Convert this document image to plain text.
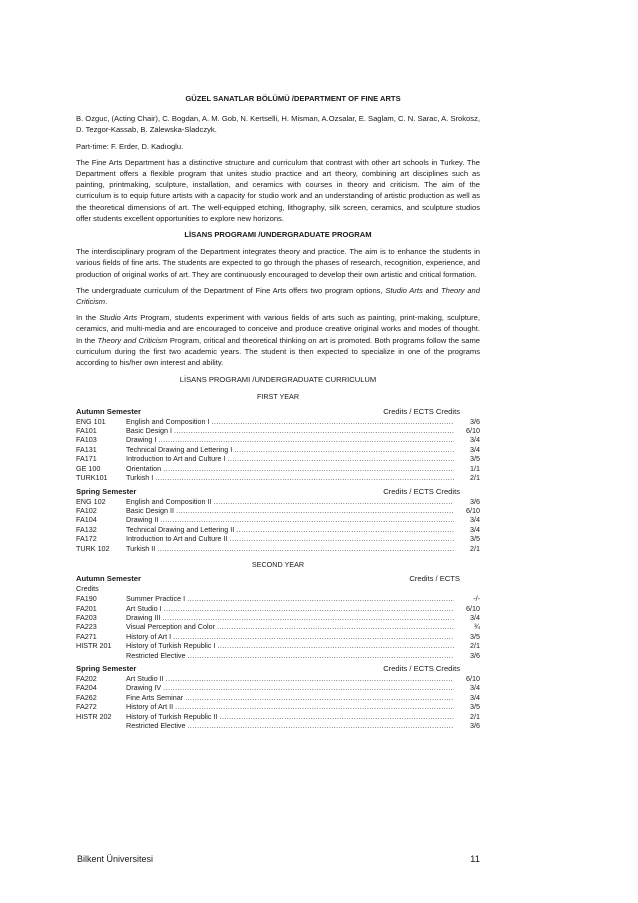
GÜZEL SANATLAR BÖLÜMÜ /DEPARTMENT OF FINE ARTS

B. Ozguc, (Acting Chair), C. Bogdan, A. M. Gob, N. Kertselli, H. Misman, A.Ozsalar, E. Saglam, C. N. Sarac, A. Srokosz, D. Tezgor-Kassab, B. Zalewska-Sladczyk.

Part-time: F. Erder, D. Kadıoglu.

The Fine Arts Department has a distinctive structure and curriculum that contrast with other art schools in Turkey. The Department offers a flexible program that unites studio practice and art theory, combining art disciplines such as painting, printmaking, sculpture, installation, and ceramics with courses in theory and criticism. The aim of the curriculum is to equip future artists with a capacity for studio work and an understanding of artistic production as well as the theoretical dimensions of art. The well-equipped etching, lithography, silk screen, ceramics, and sculpture studios offer students excellent opportunities to explore new horizons.

LİSANS PROGRAMI /UNDERGRADUATE PROGRAM

The interdisciplinary program of the Department integrates theory and practice. The aim is to enhance the students in various fields of fine arts. The students are expected to go through the phases of research, recognition, experience, and production of original works of art. They are continuously encouraged to develop their own artistic and critical formation.

The undergraduate curriculum of the Department of Fine Arts offers two program options, Studio Arts and Theory and Criticism.

In the Studio Arts Program, students experiment with various fields of arts such as painting, print-making, sculpture, ceramics, and multi-media and are encouraged to conceive and produce creative original works and modes of thought. In the Theory and Criticism Program, critical and theoretical thinking on art is promoted. Both programs follow the same curriculum during the first two academic years. The student is then expected to specialize in one of the programs according to his/her own interest and ability.

LİSANS PROGRAMI /UNDERGRADUATE CURRICULUM
FIRST YEAR
Autumn Semester	Credits / ECTS Credits
ENG 101	English and Composition I .....	3/6
FA101	Basic Design I .....	6/10
FA103	Drawing I .....	3/4
FA131	Technical Drawing and Lettering I .....	3/4
FA171	Introduction to Art and Culture I .....	3/5
GE 100	Orientation .....	1/1
TURK101	Turkish I .....	2/1
Spring Semester	Credits / ECTS Credits
ENG 102	English and Composition II .....	3/6
FA102	Basic Design II .....	6/10
FA104	Drawing II .....	3/4
FA132	Technical Drawing and Lettering II .....	3/4
FA172	Introduction to Art and Culture II .....	3/5
TURK 102	Turkish II .....	2/1
SECOND YEAR
Autumn Semester	Credits / ECTS
Credits
FA190	Summer Practice I .....	-/-
FA201	Art Studio I .....	6/10
FA203	Drawing III .....	3/4
FA223	Visual Perception and Color .....	¾
FA271	History of Art I .....	3/5
HISTR 201	History of Turkish Republic I .....	2/1
Restricted Elective .....	3/6
Spring Semester	Credits / ECTS Credits
FA202	Art Studio II .....	6/10
FA204	Drawing IV .....	3/4
FA262	Fine Arts Seminar .....	3/4
FA272	History of Art II .....	3/5
HISTR 202	History of Turkish Republic II .....	2/1
Restricted Elective .....	3/6
Bilkent Üniversitesi	11
